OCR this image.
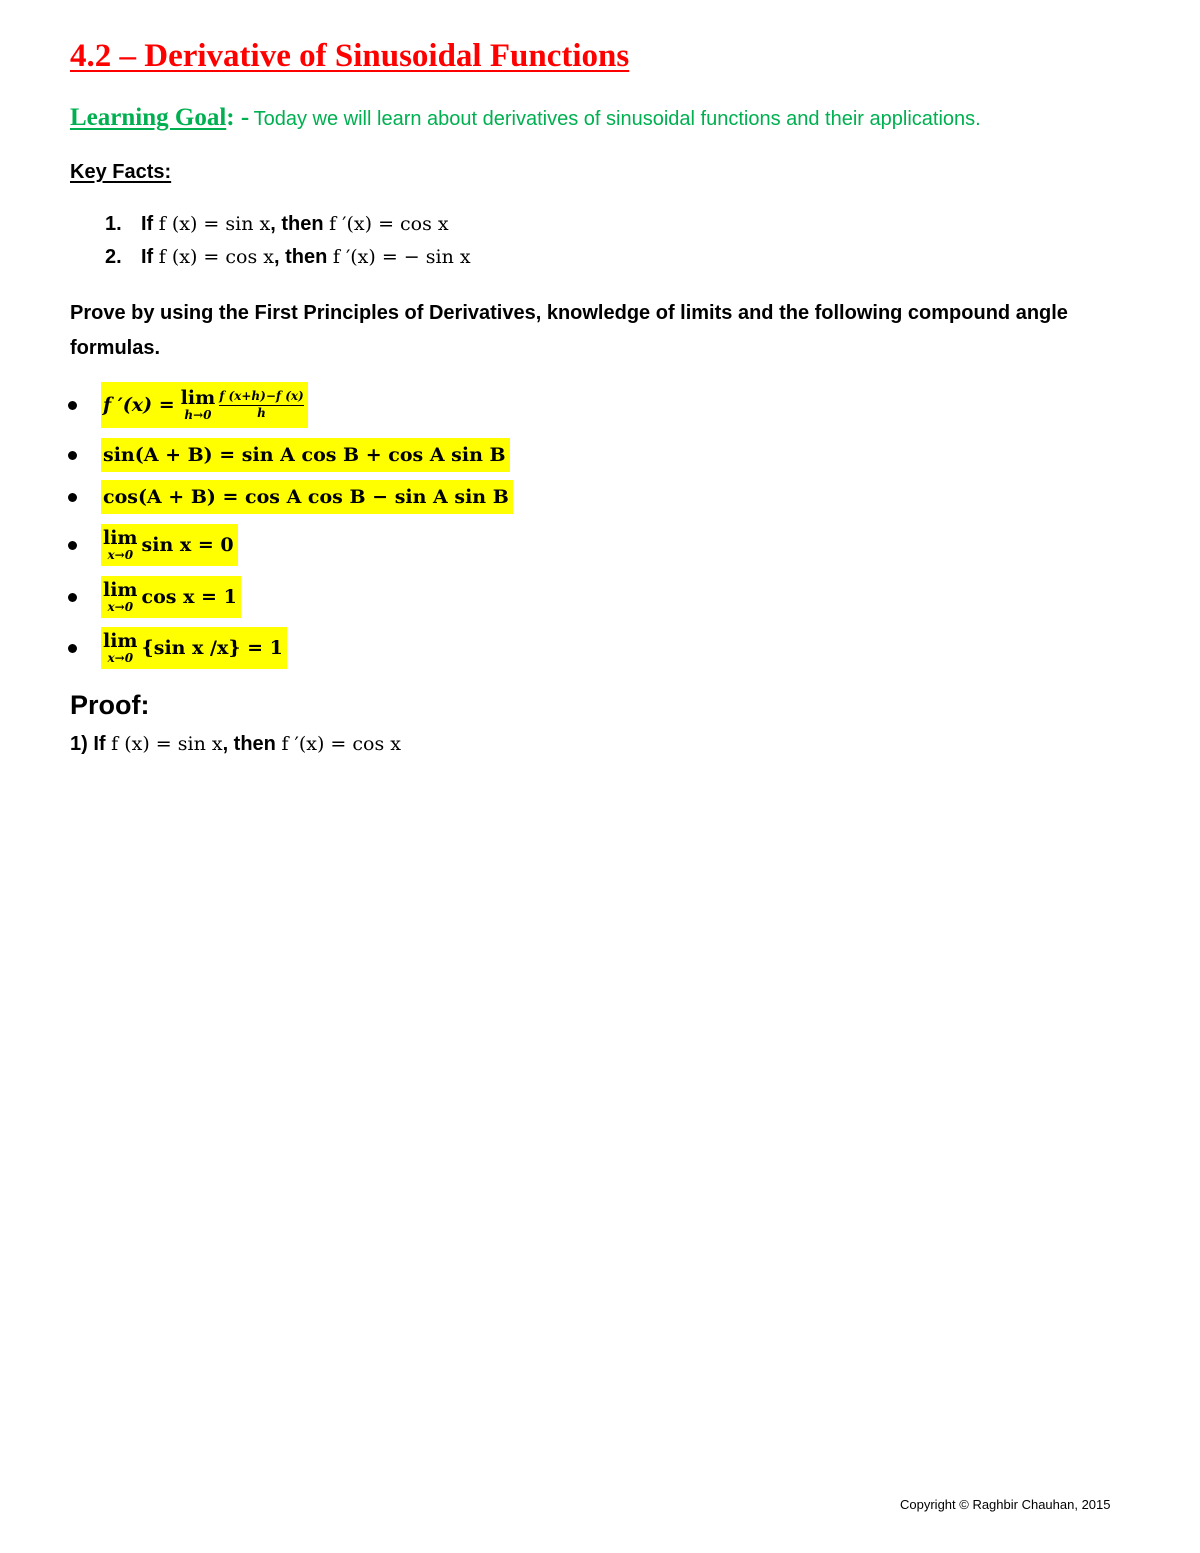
4.2 – Derivative of Sinusoidal Functions
Learning Goal: - Today we will learn about derivatives of sinusoidal functions and their applications.
Key Facts:
1. If f (x) = sin x, then f ′(x) = cos x
2. If f (x) = cos x, then f ′(x) = − sin x
Prove by using the First Principles of Derivatives, knowledge of limits and the following compound angle formulas.
f ′(x) = lim
$h\to 0 \frac{f (x+h)-f (x)}{h}$
sin(A + B) = sin A cos B + cos A sin B
cos(A + B) = cos A cos B − sin A sin B
lim
x→0 sin x = 0
lim
x→0 cos x = 1
lim
x→0 {sin x /x} = 1
Proof:
1) If f (x) = sin x, then f ′(x) = cos x
Copyright © Raghbir Chauhan, 2015
